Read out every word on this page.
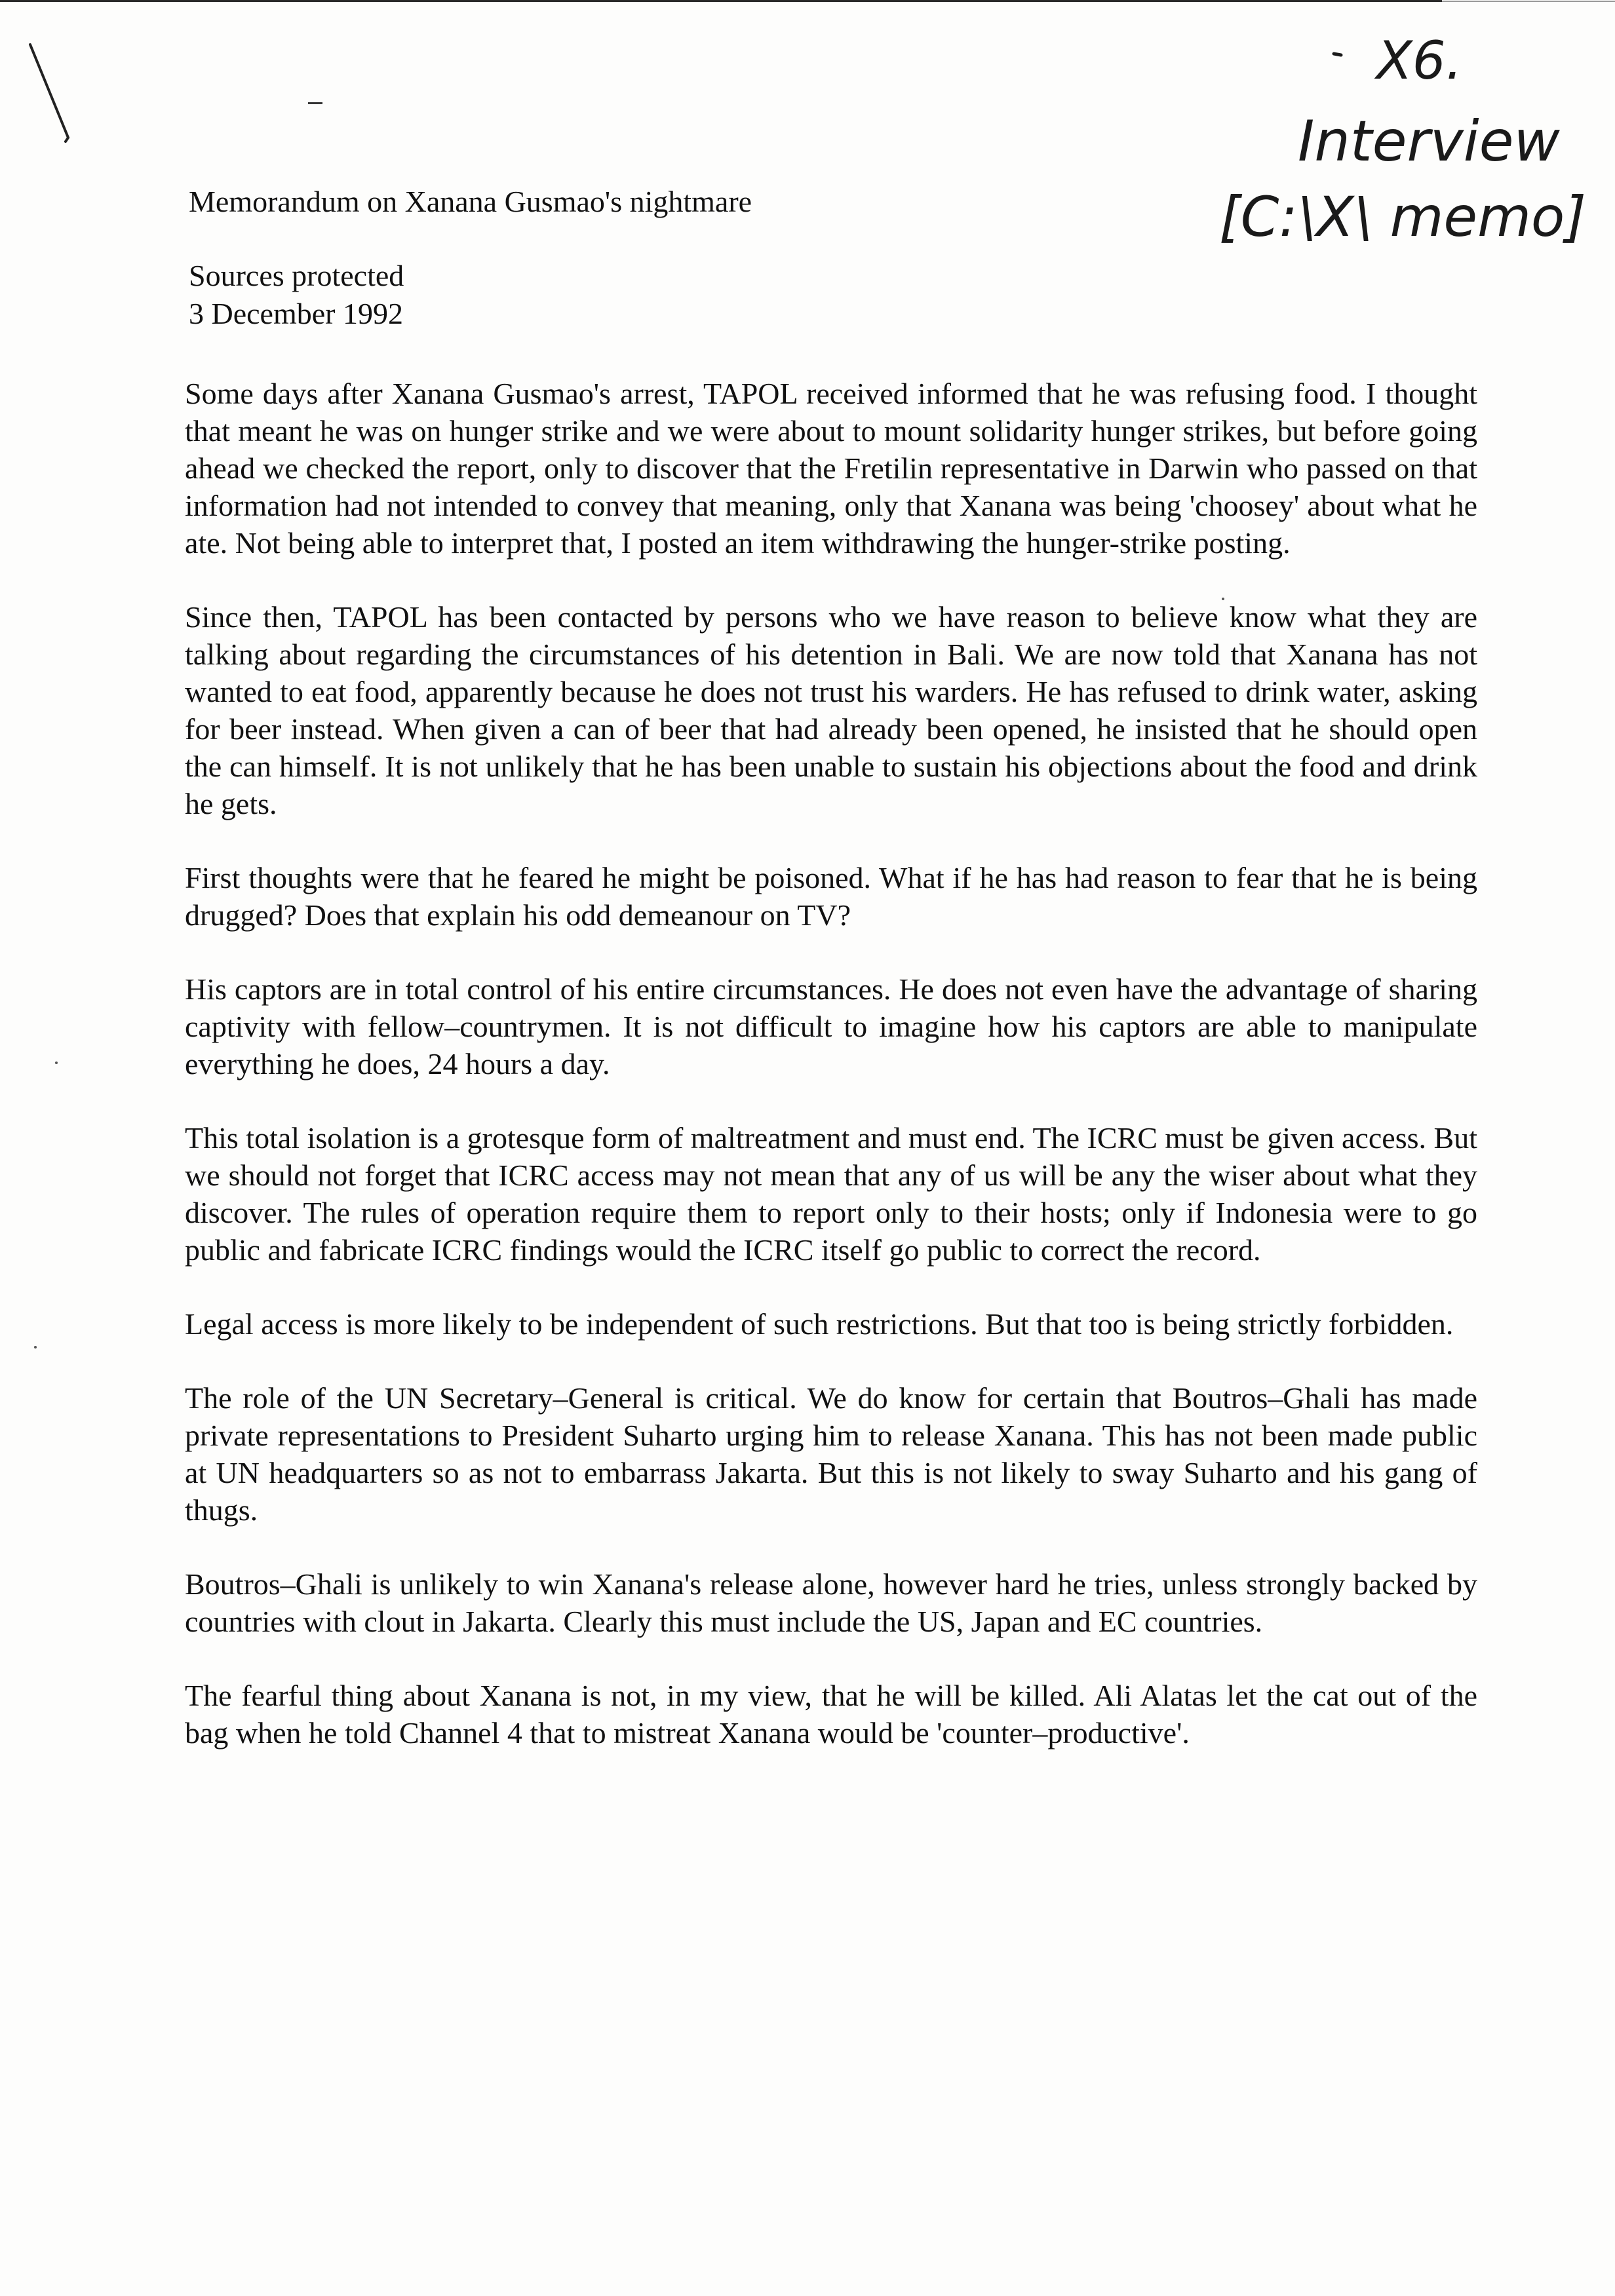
X6.
Interview
[C:\X\ memo]
Memorandum on Xanana Gusmao's nightmare
Sources protected
3 December 1992

Some days after Xanana Gusmao's arrest, TAPOL received informed that he was refusing food. I thought that meant he was on hunger strike and we were about to mount solidarity hunger strikes, but before going ahead we checked the report, only to discover that the Fretilin representative in Darwin who passed on that information had not intended to convey that meaning, only that Xanana was being 'choosey' about what he ate. Not being able to interpret that, I posted an item withdrawing the hunger-strike posting.

Since then, TAPOL has been contacted by persons who we have reason to believe know what they are talking about regarding the circumstances of his detention in Bali. We are now told that Xanana has not wanted to eat food, apparently because he does not trust his warders. He has refused to drink water, asking for beer instead. When given a can of beer that had already been opened, he insisted that he should open the can himself. It is not unlikely that he has been unable to sustain his objections about the food and drink he gets.

First thoughts were that he feared he might be poisoned. What if he has had reason to fear that he is being drugged? Does that explain his odd demeanour on TV?

His captors are in total control of his entire circumstances. He does not even have the advantage of sharing captivity with fellow–countrymen. It is not difficult to imagine how his captors are able to manipulate everything he does, 24 hours a day.

This total isolation is a grotesque form of maltreatment and must end. The ICRC must be given access. But we should not forget that ICRC access may not mean that any of us will be any the wiser about what they discover. The rules of operation require them to report only to their hosts; only if Indonesia were to go public and fabricate ICRC findings would the ICRC itself go public to correct the record.

Legal access is more likely to be independent of such restrictions. But that too is being strictly forbidden.

The role of the UN Secretary–General is critical. We do know for certain that Boutros–Ghali has made private representations to President Suharto urging him to release Xanana. This has not been made public at UN headquarters so as not to embarrass Jakarta. But this is not likely to sway Suharto and his gang of thugs.

Boutros–Ghali is unlikely to win Xanana's release alone, however hard he tries, unless strongly backed by countries with clout in Jakarta. Clearly this must include the US, Japan and EC countries.

The fearful thing about Xanana is not, in my view, that he will be killed. Ali Alatas let the cat out of the bag when he told Channel 4 that to mistreat Xanana would be 'counter–productive'.
